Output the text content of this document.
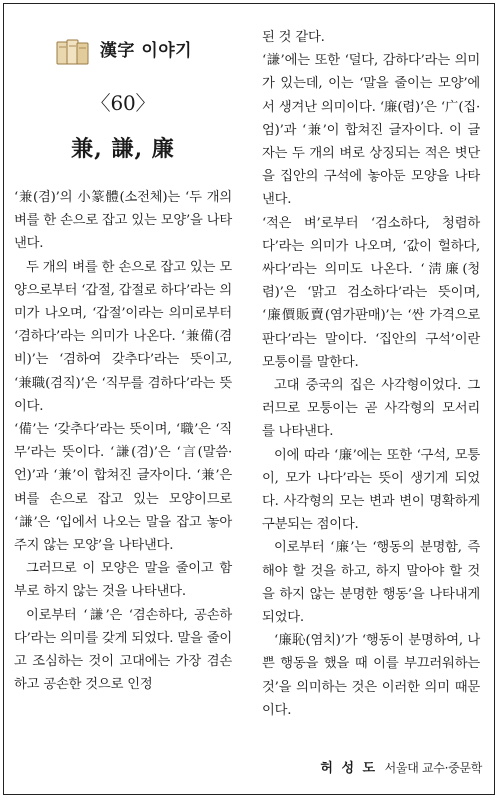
漢字 이야기
〈60〉
兼, 謙, 廉

‘兼(겸)’의 小篆體(소전체)는 ‘두 개의 벼를 한 손으로 잡고 있는 모양’을 나타낸다.

두 개의 벼를 한 손으로 잡고 있는 모양으로부터 ‘갑절, 갑절로 하다’라는 의미가 나오며, ‘갑절’이라는 의미로부터 ‘겸하다’라는 의미가 나온다. ‘兼備(겸비)’는 ‘겸하여 갖추다’라는 뜻이고, ‘兼職(겸직)’은 ‘직무를 겸하다’라는 뜻이다.

‘備’는 ‘갖추다’라는 뜻이며, ‘職’은 ‘직무’라는 뜻이다. ‘謙(겸)’은 ‘言(말씀·언)’과 ‘兼’이 합쳐진 글자이다. ‘兼’은 벼를 손으로 잡고 있는 모양이므로 ‘謙’은 ‘입에서 나오는 말을 잡고 놓아주지 않는 모양’을 나타낸다.

그러므로 이 모양은 말을 줄이고 함부로 하지 않는 것을 나타낸다.

이로부터 ‘謙’은 ‘겸손하다, 공손하다’라는 의미를 갖게 되었다. 말을 줄이고 조심하는 것이 고대에는 가장 겸손하고 공손한 것으로 인정

된 것 같다.

‘謙’에는 또한 ‘덜다, 감하다’라는 의미가 있는데, 이는 ‘말을 줄이는 모양’에서 생겨난 의미이다. ‘廉(렴)’은 ‘广(집·엄)’과 ‘兼’이 합쳐진 글자이다. 이 글자는 두 개의 벼로 상징되는 적은 볏단을 집안의 구석에 놓아둔 모양을 나타낸다.

‘적은 벼’로부터 ‘검소하다, 청렴하다’라는 의미가 나오며, ‘값이 헐하다, 싸다’라는 의미도 나온다. ‘淸廉(청렴)’은 ‘맑고 검소하다’라는 뜻이며, ‘廉價販賣(염가판매)’는 ‘싼 가격으로 판다’라는 말이다. ‘집안의 구석’이란 모퉁이를 말한다.

고대 중국의 집은 사각형이었다. 그러므로 모퉁이는 곧 사각형의 모서리를 나타낸다.

이에 따라 ‘廉’에는 또한 ‘구석, 모퉁이, 모가 나다’라는 뜻이 생기게 되었다. 사각형의 모는 변과 변이 명확하게 구분되는 점이다.

이로부터 ‘廉’는 ‘행동의 분명함, 즉 해야 할 것을 하고, 하지 말아야 할 것을 하지 않는 분명한 행동’을 나타내게 되었다.

‘廉恥(염치)’가 ‘행동이 분명하여, 나쁜 행동을 했을 때 이를 부끄러워하는 것’을 의미하는 것은 이러한 의미 때문이다.

허 성 도 서울대 교수·중문학
